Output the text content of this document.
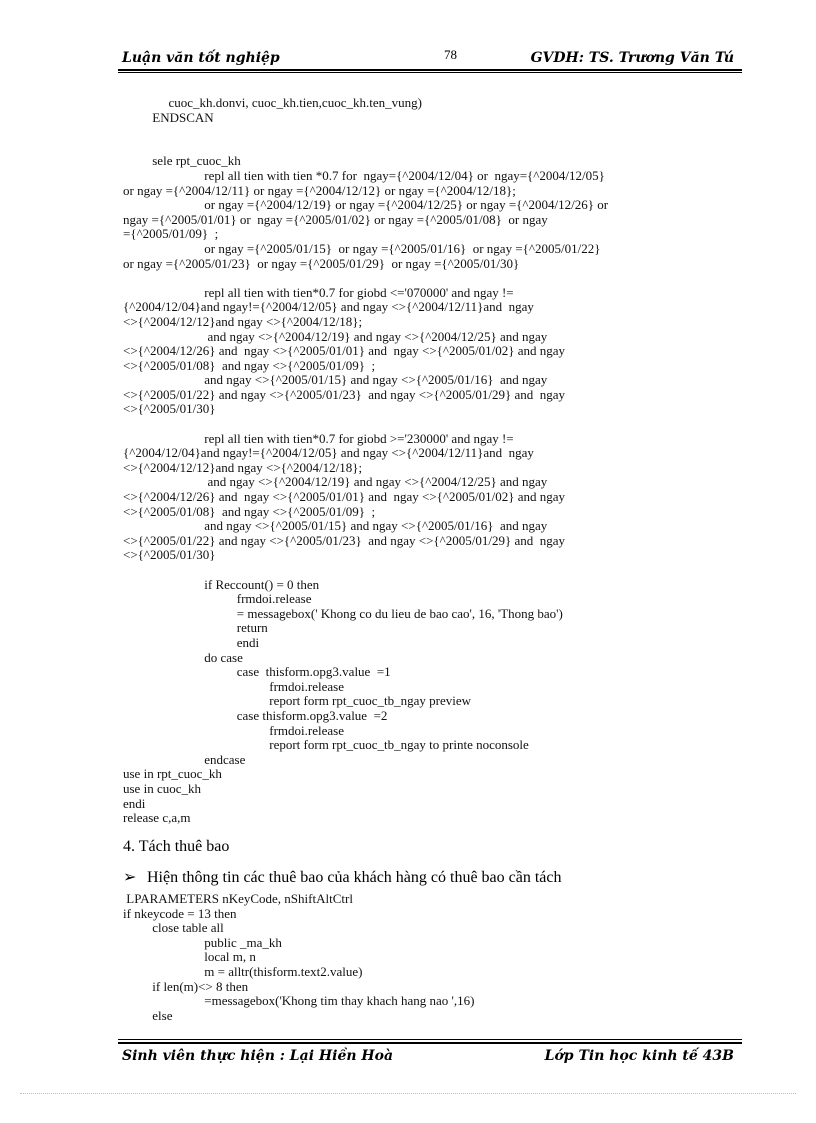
Luận văn tốt nghiệp	78	GVDH: TS. Trương Văn Tú
cuoc_kh.donvi, cuoc_kh.tien,cuoc_kh.ten_vung)
ENDSCAN
sele rpt_cuoc_kh
repl all tien with tien *0.7 for  ngay={^2004/12/04} or  ngay={^2004/12/05}
or ngay ={^2004/12/11} or ngay ={^2004/12/12} or ngay ={^2004/12/18};
or ngay ={^2004/12/19} or ngay ={^2004/12/25} or ngay ={^2004/12/26} or
ngay ={^2005/01/01} or  ngay ={^2005/01/02} or ngay ={^2005/01/08}  or ngay
={^2005/01/09}  ;
or ngay ={^2005/01/15}  or ngay ={^2005/01/16}  or ngay ={^2005/01/22}
or ngay ={^2005/01/23}  or ngay ={^2005/01/29}  or ngay ={^2005/01/30}
repl all tien with tien*0.7 for giobd <='070000' and ngay !=
{^2004/12/04}and ngay!={^2004/12/05} and ngay <>{^2004/12/11}and  ngay
<>{^2004/12/12}and ngay <>{^2004/12/18};
and ngay <>{^2004/12/19} and ngay <>{^2004/12/25} and ngay
<>{^2004/12/26} and  ngay <>{^2005/01/01} and  ngay <>{^2005/01/02} and ngay
<>{^2005/01/08}  and ngay <>{^2005/01/09}  ;
and ngay <>{^2005/01/15} and ngay <>{^2005/01/16}  and ngay
<>{^2005/01/22} and ngay <>{^2005/01/23}  and ngay <>{^2005/01/29} and  ngay
<>{^2005/01/30}
repl all tien with tien*0.7 for giobd >='230000' and ngay !=
{^2004/12/04}and ngay!={^2004/12/05} and ngay <>{^2004/12/11}and  ngay
<>{^2004/12/12}and ngay <>{^2004/12/18};
and ngay <>{^2004/12/19} and ngay <>{^2004/12/25} and ngay
<>{^2004/12/26} and  ngay <>{^2005/01/01} and  ngay <>{^2005/01/02} and ngay
<>{^2005/01/08}  and ngay <>{^2005/01/09}  ;
and ngay <>{^2005/01/15} and ngay <>{^2005/01/16}  and ngay
<>{^2005/01/22} and ngay <>{^2005/01/23}  and ngay <>{^2005/01/29} and  ngay
<>{^2005/01/30}
if Reccount() = 0 then
frmdoi.release
= messagebox(' Khong co du lieu de bao cao', 16, 'Thong bao')
return
endi
do case
case  thisform.opg3.value  =1
frmdoi.release
report form rpt_cuoc_tb_ngay preview
case thisform.opg3.value  =2
frmdoi.release
report form rpt_cuoc_tb_ngay to printe noconsole
endcase
use in rpt_cuoc_kh
use in cuoc_kh
endi
release c,a,m
4. Tách thuê bao
➢ Hiện thông tin các thuê bao của khách hàng có thuê bao cần tách
LPARAMETERS nKeyCode, nShiftAltCtrl
if nkeycode = 13 then
close table all
public _ma_kh
local m, n
m = alltr(thisform.text2.value)
if len(m)<> 8 then
=messagebox('Khong tim thay khach hang nao ',16)
else
Sinh viên thực hiện : Lại Hiền Hoà	Lớp Tin học kinh tế 43B
